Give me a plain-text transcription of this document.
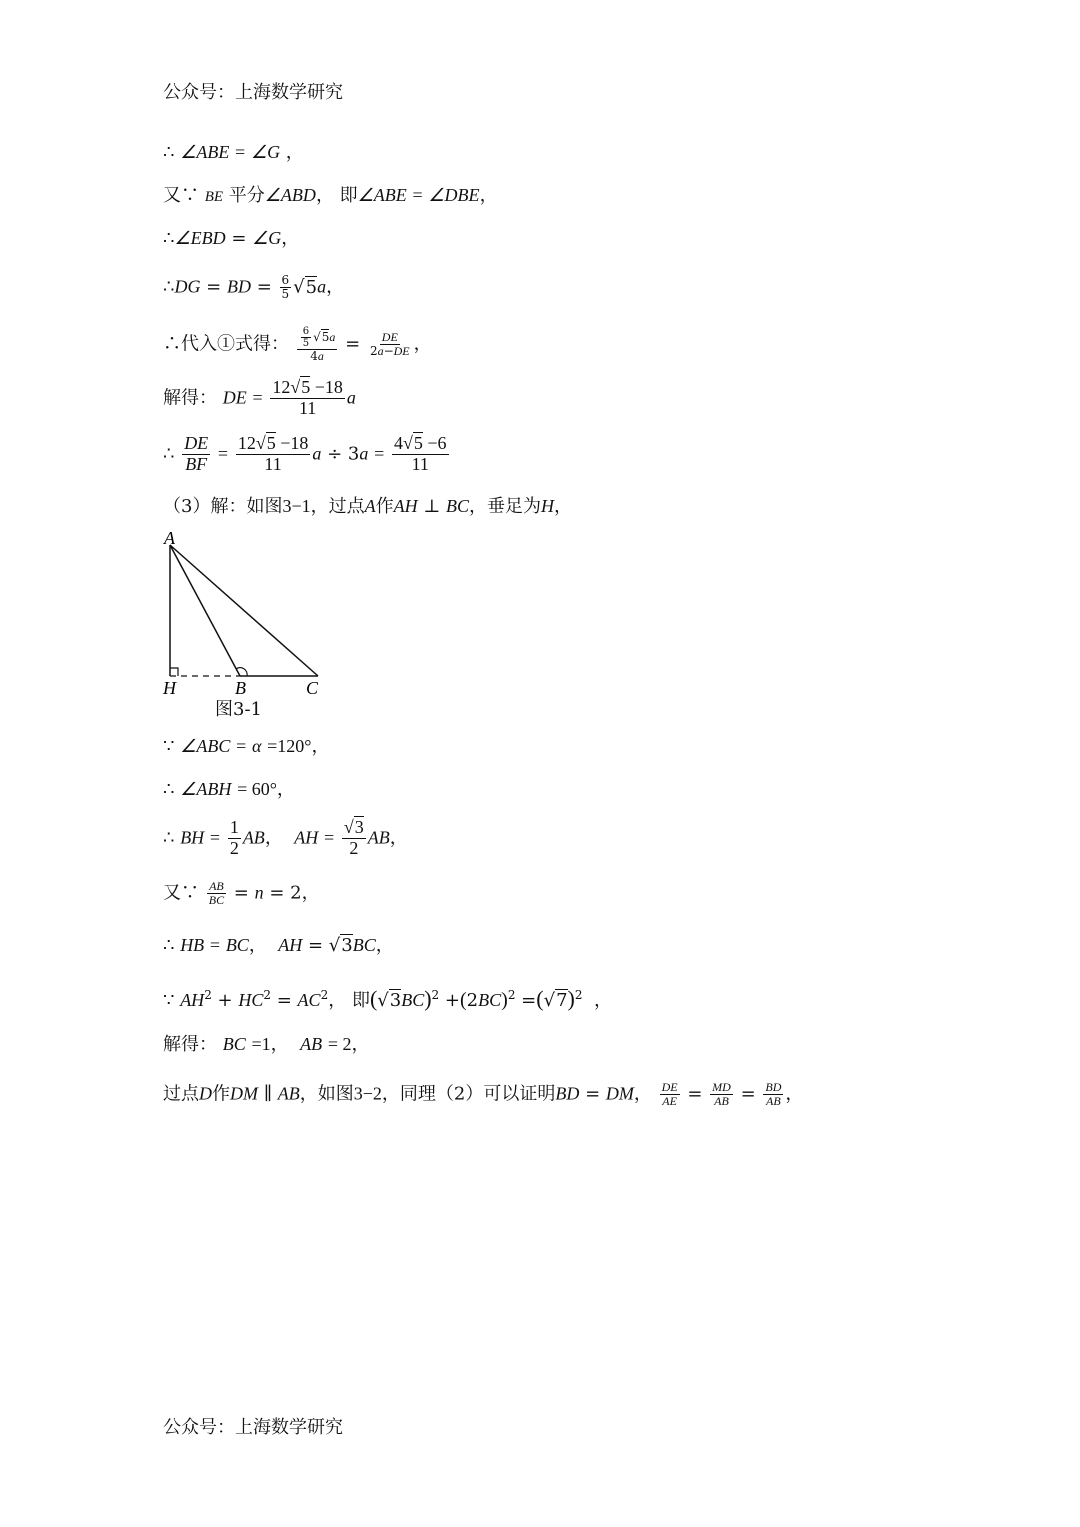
公众号：上海数学研究
∴ ∠ABE = ∠G ，
又∵ BE 平分∠ABD， 即∠ABE = ∠DBE，
∴∠EBD = ∠G，
∴DG = BD = $\frac{6}{5} √5a$，
∴代入①式得： $\frac{\frac{6}{5} √5a}{4a} = \frac{DE}{2a-DE}$ ，
解得： DE = $\frac{12√5 -18}{11}$ a
∴ $\frac{DE}{BF} = \frac{12√5 -18}{11}$ $a \div 3a = \frac{4√5 -6}{11}$
（3）解：如图3−1，过点A作AH ⊥ BC，垂足为H，
A
H	B	C
图3-1
∵ ∠ABC = α =120°，
∴ ∠ABH = 60°，
∴ BH = $\frac{1}{2}$ AB，  AH = $\frac{√3}{2}$ AB，
又∵ $\frac{AB}{BC} = n = 2$，
∴ HB = BC，  AH = √3BC，
∵ $AH^2 + HC^2 = AC^2$， 即$(√3BC)^2 +(2BC)^2 =(√7)^2$  ，
解得： BC =1，  AB = 2，
过点D作DM ∥ AB，如图3−2，同理（2）可以证明BD = DM， $\frac{DE}{AE} = \frac{MD}{AB} = \frac{BD}{AB}$ ，
公众号：上海数学研究
